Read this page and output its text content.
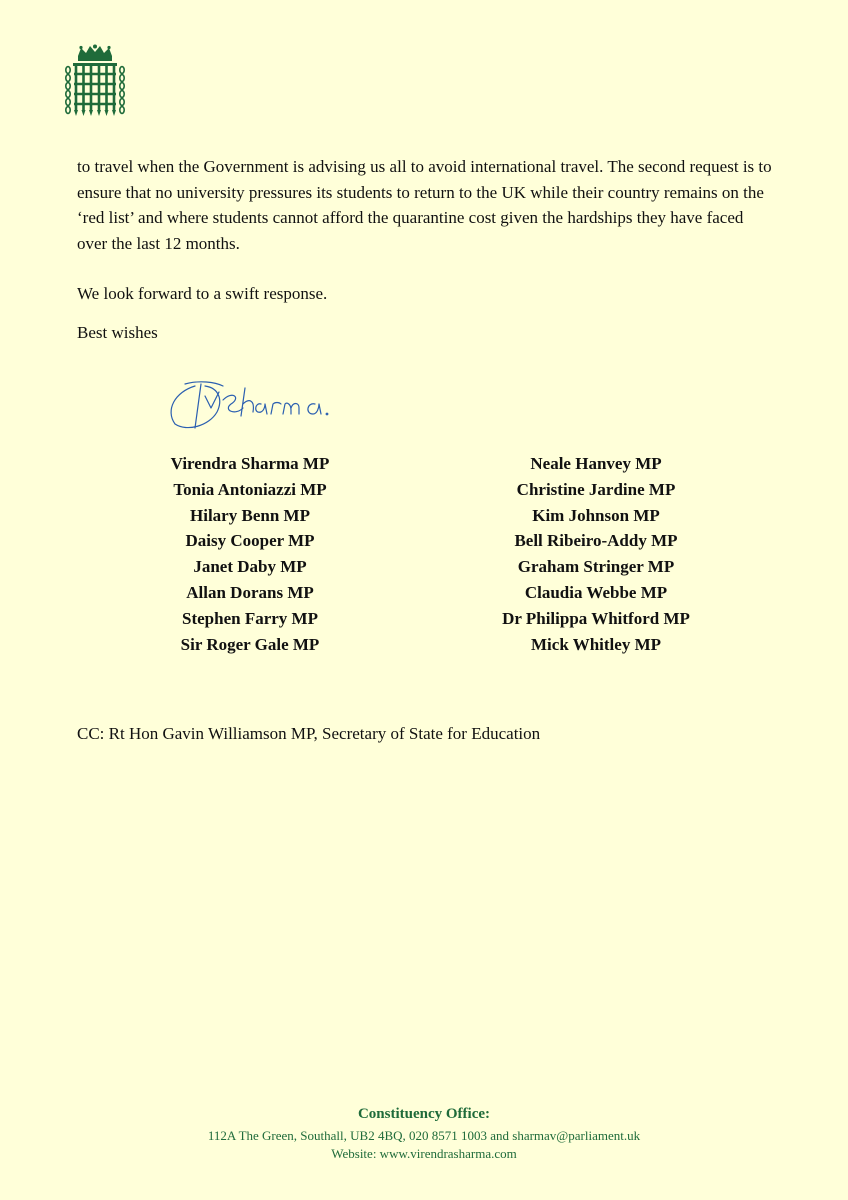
to travel when the Government is advising us all to avoid international travel. The second request is to ensure that no university pressures its students to return to the UK while their country remains on the ‘red list’ and where students cannot afford the quarantine cost given the hardships they have faced over the last 12 months.

We look forward to a swift response.

Best wishes

Virendra Sharma MP
Tonia Antoniazzi MP
Hilary Benn MP
Daisy Cooper MP
Janet Daby MP
Allan Dorans MP
Stephen Farry MP
Sir Roger Gale MP
Neale Hanvey MP
Christine Jardine MP
Kim Johnson MP
Bell Ribeiro-Addy MP
Graham Stringer MP
Claudia Webbe MP
Dr Philippa Whitford MP
Mick Whitley MP

CC: Rt Hon Gavin Williamson MP, Secretary of State for Education

Constituency Office:
112A The Green, Southall, UB2 4BQ, 020 8571 1003 and sharmav@parliament.uk
Website: www.virendrasharma.com
